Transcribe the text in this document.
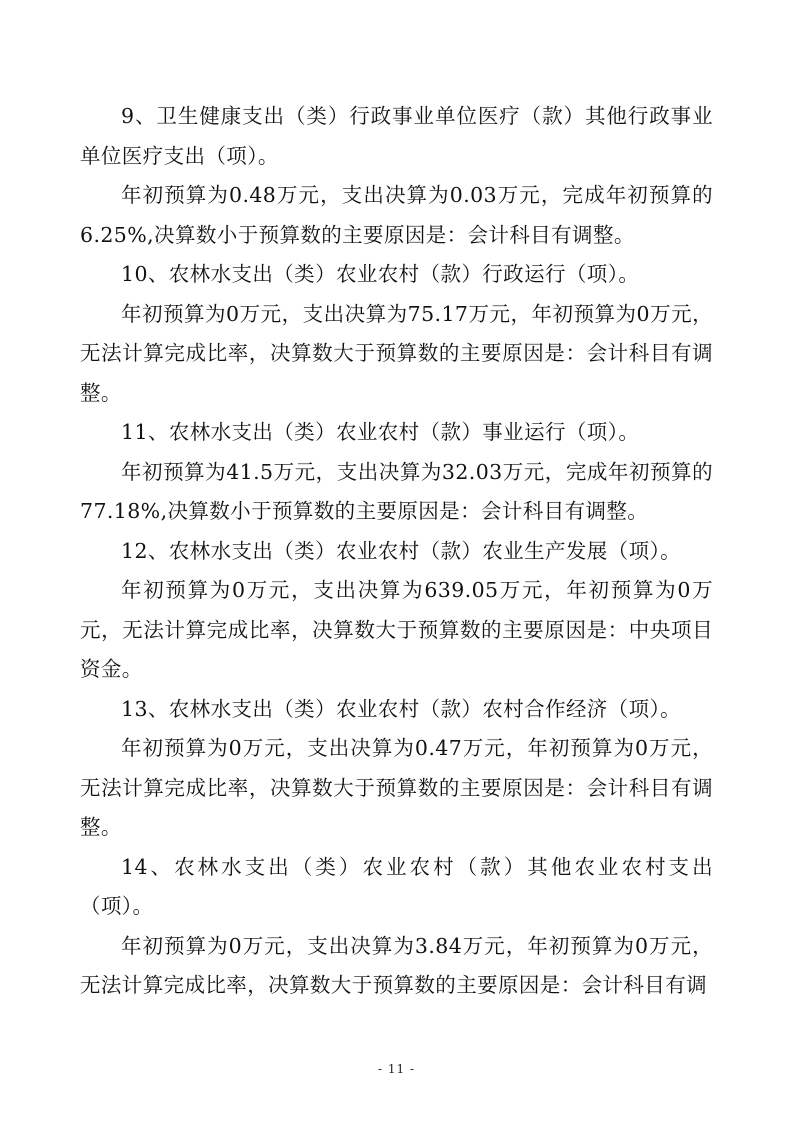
9、卫生健康支出（类）行政事业单位医疗（款）其他行政事业单位医疗支出（项）。

年初预算为0.48万元，支出决算为0.03万元，完成年初预算的6.25%,决算数小于预算数的主要原因是：会计科目有调整。

10、农林水支出（类）农业农村（款）行政运行（项）。

年初预算为0万元，支出决算为75.17万元，年初预算为0万元，无法计算完成比率，决算数大于预算数的主要原因是：会计科目有调整。

11、农林水支出（类）农业农村（款）事业运行（项）。

年初预算为41.5万元，支出决算为32.03万元，完成年初预算的77.18%,决算数小于预算数的主要原因是：会计科目有调整。

12、农林水支出（类）农业农村（款）农业生产发展（项）。

年初预算为0万元，支出决算为639.05万元，年初预算为0万元，无法计算完成比率，决算数大于预算数的主要原因是：中央项目资金。

13、农林水支出（类）农业农村（款）农村合作经济（项）。

年初预算为0万元，支出决算为0.47万元，年初预算为0万元，无法计算完成比率，决算数大于预算数的主要原因是：会计科目有调整。

14、农林水支出（类）农业农村（款）其他农业农村支出（项）。

年初预算为0万元，支出决算为3.84万元，年初预算为0万元，无法计算完成比率，决算数大于预算数的主要原因是：会计科目有调

- 11 -
